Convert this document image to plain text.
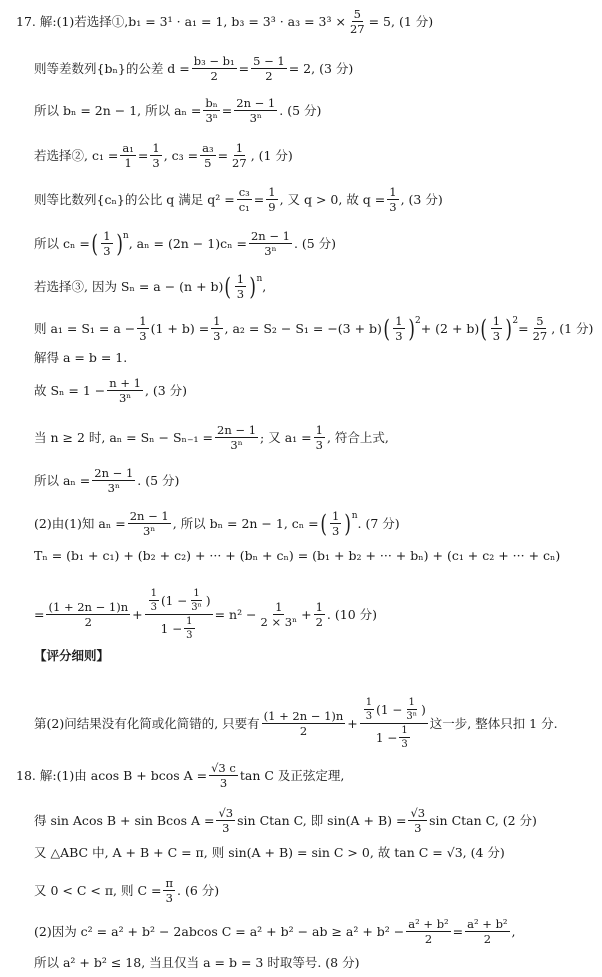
17. 解:(1)若选择①,b ₁ = 3¹ · a₁ = 1, $b_3 = 3^3 \cdot a_3 = 3^3 \times \frac{5}{27} = 5$, (1 分)
则等差数列{bₙ}的公差 $d = \frac{\text{b₃ − b₁}}{2} = \frac{5 - 1}{2} = 2$, (3 分)
所以 bₙ = 2n − 1, 所以 $a_n = \frac{\text{bₙ}}{\text{3ⁿ}} = \frac{2n - 1}{\text{3ⁿ}}$ . (5 分)
若选择②, $c_1 = \frac{\text{a₁}}{1} = \frac{1}{3}$ , $c_3 = \frac{\text{a₃}}{5} = \frac{1}{27}$ , (1 分)
则等比数列{cₙ}的公比 q 满足 $q^2 = \frac{\text{c₃}}{\text{c₁}} = \frac{1}{9}$ , 又 q > 0, 故 $q = \frac{1}{3}$ , (3 分)
所以 cₙ = ( $\frac{1}{3}$ ) n , $a_n = (2n - 1)c_n = \frac{2n - 1}{\text{3ⁿ}}$ . (5 分)
若选择③, 因为 Sₙ = a − (n + b) ( $\frac{1}{3}$ ) n ,
则 $a_1 = S_1 = a - \frac{1}{3} (1 + b) = \frac{1}{3}$ , a₂ = S₂ − S₁ = −(3 + b) ( $\frac{1}{3}$ ) 2 + (2 + b) ( $\frac{1}{3}$ ) $2 = \frac{5}{27}$ , (1 分)
解得 a = b = 1.
故 $S_n = 1 - \frac{n + 1}{\text{3ⁿ}}$ , (3 分)
当 n ≥ 2 时, $a_n = S_n - S_{n-1} = \frac{2n - 1}{\text{3ⁿ}}$ ; 又 $a_1 = \frac{1}{3}$ , 符合上式,
所以 $a_n = \frac{2n - 1}{\text{3ⁿ}}$ . (5 分)
(2)由(1)知 $a_n = \frac{2n - 1}{\text{3ⁿ}}$ , 所以 bₙ = 2n − 1, cₙ = ( $\frac{1}{3}$ ) n . (7 分)
Tₙ = (b₁ + c₁) + (b₂ + c₂) + ··· + (bₙ + cₙ) = (b₁ + b₂ + ··· + bₙ) + (c₁ + c₂ + ··· + cₙ)
= $\frac{(1 + 2n - 1)n}{2} + \frac{\frac{1}{3} ( 1 - \frac{1}{\text{3ⁿ}} )}{1 - \frac{1}{3}} = n^2 - \frac{1}{\text{2 × 3ⁿ}} + \frac{1}{2}$ . (10 分)
【评分细则】
第(2)问结果没有化简或化简错的, 只要有 $\frac{(1 + 2n - 1)n}{2} + \frac{\frac{1}{3} ( 1 - \frac{1}{\text{3ⁿ}} )}{1 - \frac{1}{3}}$ 这一步, 整体只扣 1 分.
18. 解:(1)由 acos B + bcos $A = \frac{√3 c}{3}$ tan C 及正弦定理,
得 sin Acos B + sin Bcos $A = \frac{√3}{3}$ sin Ctan C, 即 $\sin(A + B) = \frac{√3}{3}$ sin Ctan C, (2 分)
又 △ABC 中, A + B + C = π, 则 sin(A + B) = sin C > 0, 故 tan C = √3, (4 分)
又 0 < C < π, 则 $C = \frac{\pi}{3}$ . (6 分)
(2)因为 c² = a² + b² − 2abcos C = a² + b² − ab ≥ $a^2 + b^2 - \frac{\text{a² + b²}}{2} = \frac{\text{a² + b²}}{2}$ ,
所以 a² + b² ≤ 18, 当且仅当 a = b = 3 时取等号. (8 分)
